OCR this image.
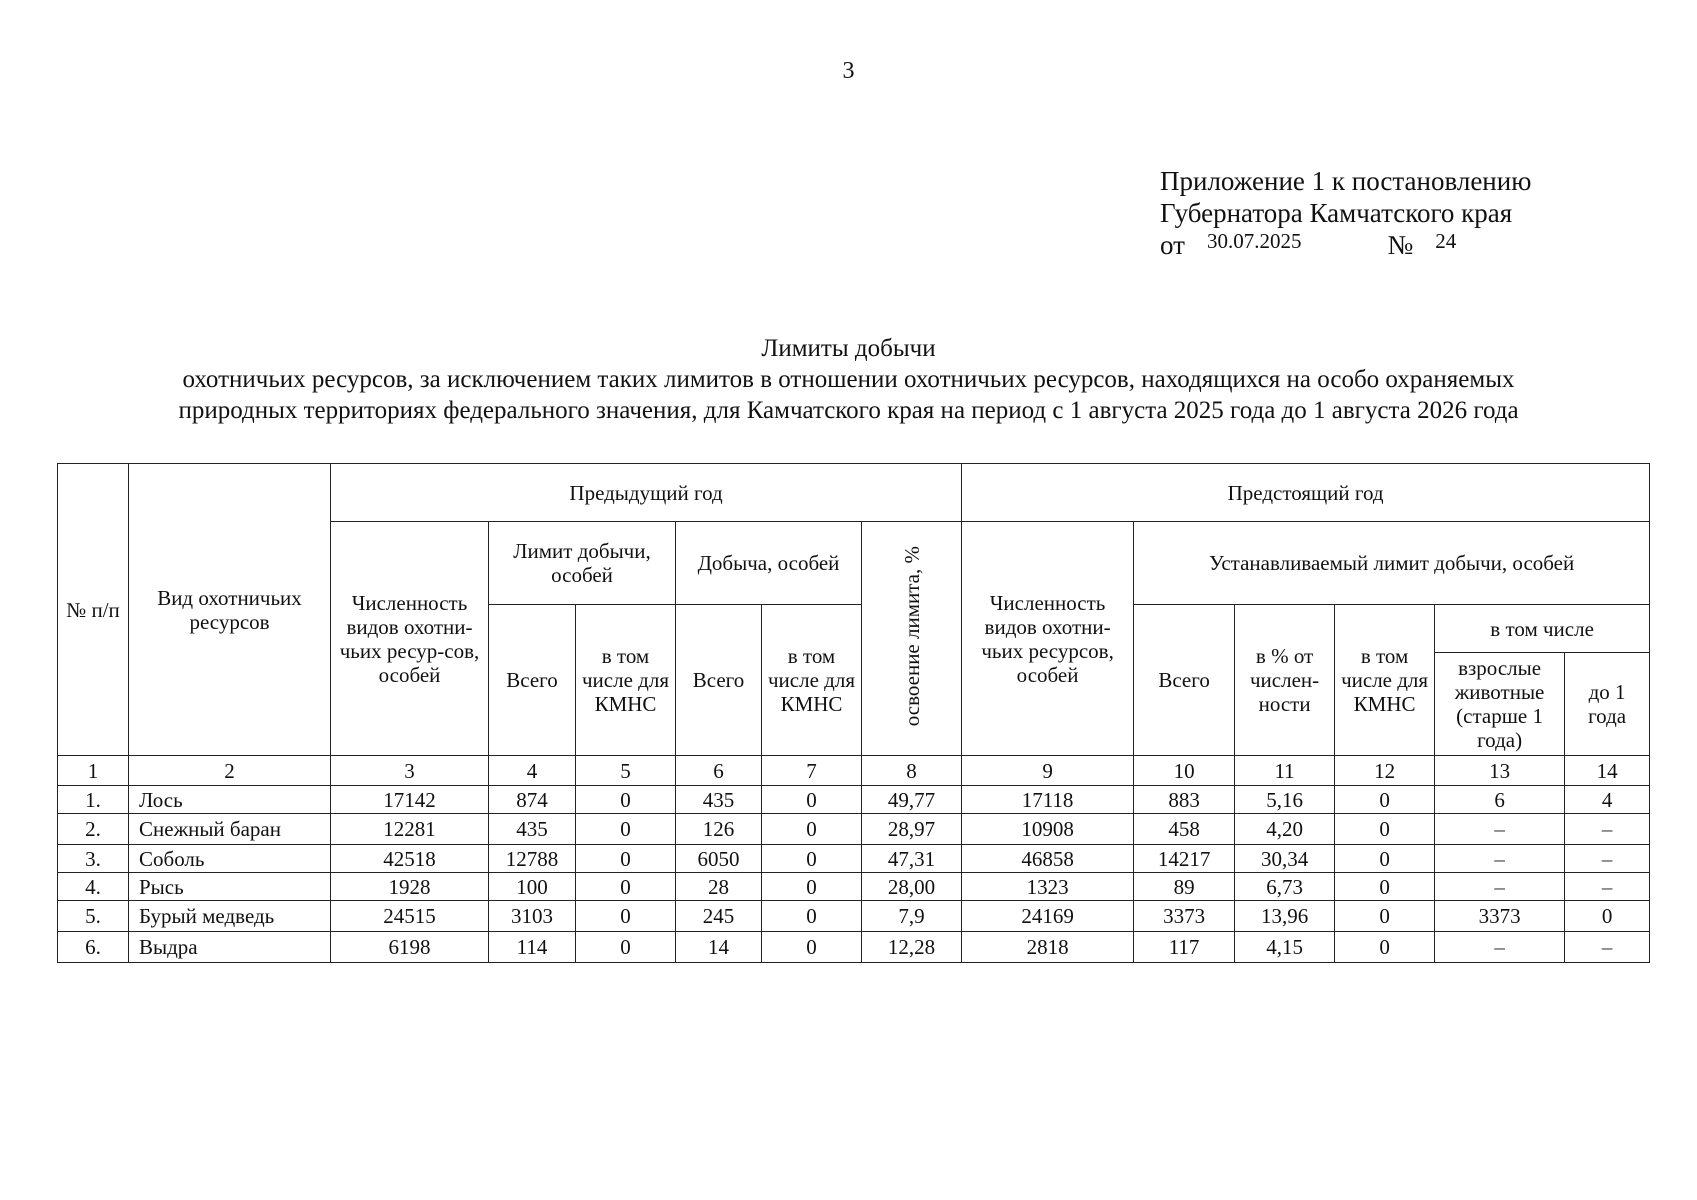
3
Приложение 1 к постановлению
Губернатора Камчатского края
от $^{30.07.2025}$	№ $^{24}$
Лимиты добычи
охотничьих ресурсов, за исключением таких лимитов в отношении охотничьих ресурсов, находящихся на особо охраняемых
природных территориях федерального значения, для Камчатского края на период с 1 августа 2025 года до 1 августа 2026 года
№ п/п	Вид охотничьих ресурсов	Предыдущий год						Предстоящий год					
		Численность видов охотни-чьих ресур-сов, особей	Лимит добычи, особей		Добыча, особей		освоение лимита, %	Численность видов охотни-чьих ресурсов, особей	Устанавливаемый лимит добычи, особей				
			Всего	в том числе для КМНС	Всего	в том числе для КМНС			Всего	в % от числен-ности	в том числе для КМНС	в том числе	
												взрослые животные (старше 1 года)	до 1 года
1	2	3	4	5	6	7	8	9	10	11	12	13	14
1.	Лось	17142	874	0	435	0	49,77	17118	883	5,16	0	6	4
2.	Снежный баран	12281	435	0	126	0	28,97	10908	458	4,20	0	–	–
3.	Соболь	42518	12788	0	6050	0	47,31	46858	14217	30,34	0	–	–
4.	Рысь	1928	100	0	28	0	28,00	1323	89	6,73	0	–	–
5.	Бурый медведь	24515	3103	0	245	0	7,9	24169	3373	13,96	0	3373	0
6.	Выдра	6198	114	0	14	0	12,28	2818	117	4,15	0	–	–
